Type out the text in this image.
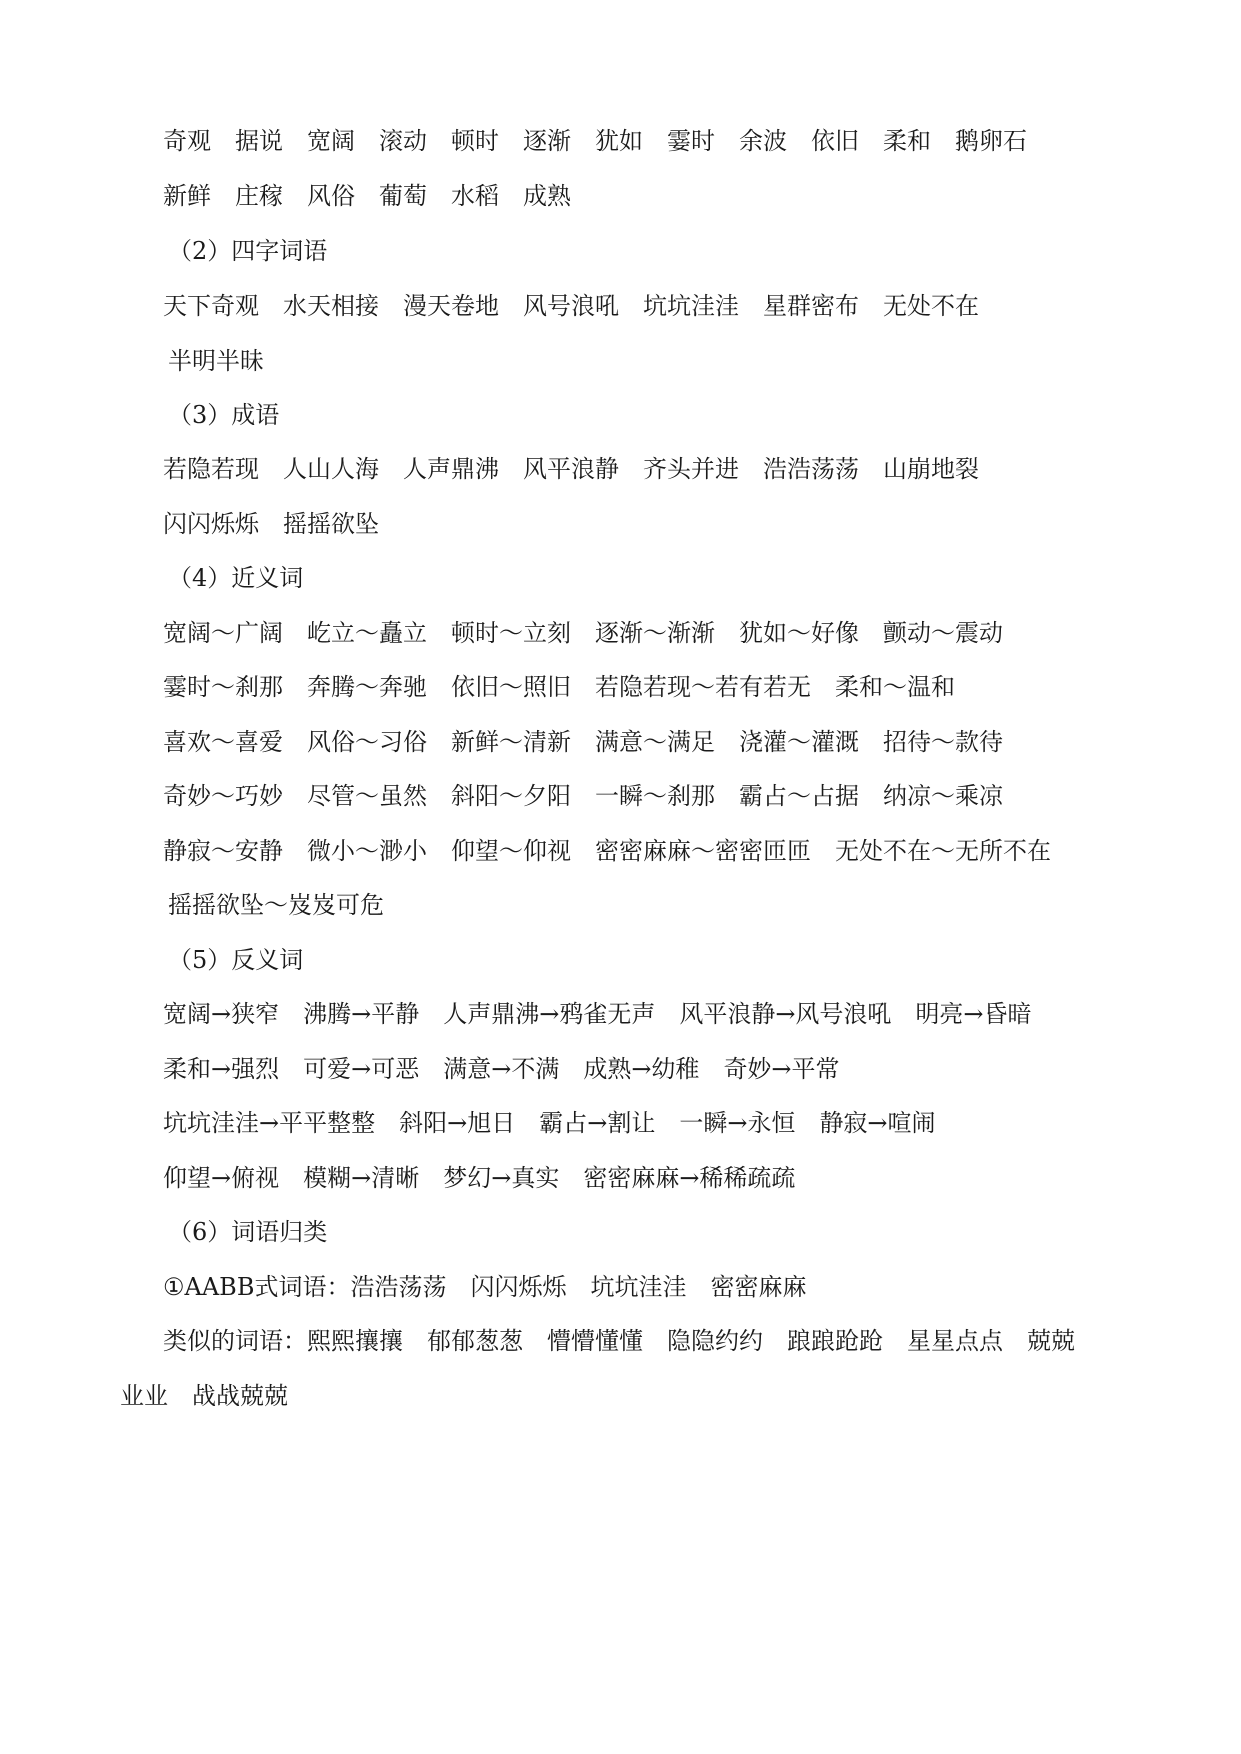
奇观 据说 宽阔 滚动 顿时 逐渐 犹如 霎时 余波 依旧 柔和 鹅卵石
新鲜 庄稼 风俗 葡萄 水稻 成熟
（2）四字词语
天下奇观 水天相接 漫天卷地 风号浪吼 坑坑洼洼 星群密布 无处不在
半明半昧
（3）成语
若隐若现 人山人海 人声鼎沸 风平浪静 齐头并进 浩浩荡荡 山崩地裂
闪闪烁烁 摇摇欲坠
（4）近义词
宽阔～广阔 屹立～矗立 顿时～立刻 逐渐～渐渐 犹如～好像 颤动～震动
霎时～刹那 奔腾～奔驰 依旧～照旧 若隐若现～若有若无 柔和～温和
喜欢～喜爱 风俗～习俗 新鲜～清新 满意～满足 浇灌～灌溉 招待～款待
奇妙～巧妙 尽管～虽然 斜阳～夕阳 一瞬～刹那 霸占～占据 纳凉～乘凉
静寂～安静 微小～渺小 仰望～仰视 密密麻麻～密密匝匝 无处不在～无所不在
摇摇欲坠～岌岌可危
（5）反义词
宽阔→狭窄 沸腾→平静 人声鼎沸→鸦雀无声 风平浪静→风号浪吼 明亮→昏暗
柔和→强烈 可爱→可恶 满意→不满 成熟→幼稚 奇妙→平常
坑坑洼洼→平平整整 斜阳→旭日 霸占→割让 一瞬→永恒 静寂→喧闹
仰望→俯视 模糊→清晰 梦幻→真实 密密麻麻→稀稀疏疏
（6）词语归类
①AABB式词语：浩浩荡荡 闪闪烁烁 坑坑洼洼 密密麻麻
类似的词语：熙熙攘攘 郁郁葱葱 懵懵懂懂 隐隐约约 踉踉跄跄 星星点点 兢兢
业业 战战兢兢
